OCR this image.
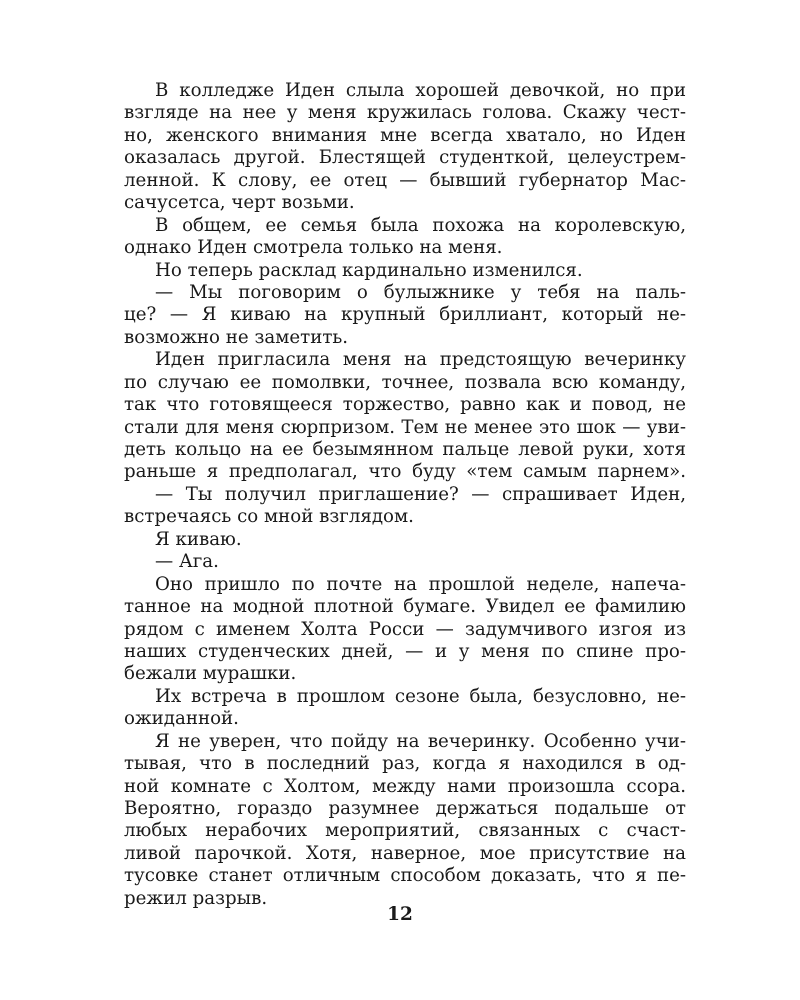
В колледже Иден слыла хорошей девочкой, но при
взгляде на нее у меня кружилась голова. Скажу чест-
но, женского внимания мне всегда хватало, но Иден
оказалась другой. Блестящей студенткой, целеустрем-
ленной. К слову, ее отец — бывший губернатор Мас-
сачусетса, черт возьми.
В общем, ее семья была похожа на королевскую,
однако Иден смотрела только на меня.
Но теперь расклад кардинально изменился.
— Мы поговорим о булыжнике у тебя на паль-
це? — Я киваю на крупный бриллиант, который не-
возможно не заметить.
Иден пригласила меня на предстоящую вечеринку
по случаю ее помолвки, точнее, позвала всю команду,
так что готовящееся торжество, равно как и повод, не
стали для меня сюрпризом. Тем не менее это шок — уви-
деть кольцо на ее безымянном пальце левой руки, хотя
раньше я предполагал, что буду «тем самым парнем».
— Ты получил приглашение? — спрашивает Иден,
встречаясь со мной взглядом.
Я киваю.
— Ага.
Оно пришло по почте на прошлой неделе, напеча-
танное на модной плотной бумаге. Увидел ее фамилию
рядом с именем Холта Росси — задумчивого изгоя из
наших студенческих дней, — и у меня по спине про-
бежали мурашки.
Их встреча в прошлом сезоне была, безусловно, не-
ожиданной.
Я не уверен, что пойду на вечеринку. Особенно учи-
тывая, что в последний раз, когда я находился в од-
ной комнате с Холтом, между нами произошла ссора.
Вероятно, гораздо разумнее держаться подальше от
любых нерабочих мероприятий, связанных с счаст-
ливой парочкой. Хотя, наверное, мое присутствие на
тусовке станет отличным способом доказать, что я пе-
режил разрыв.
12
